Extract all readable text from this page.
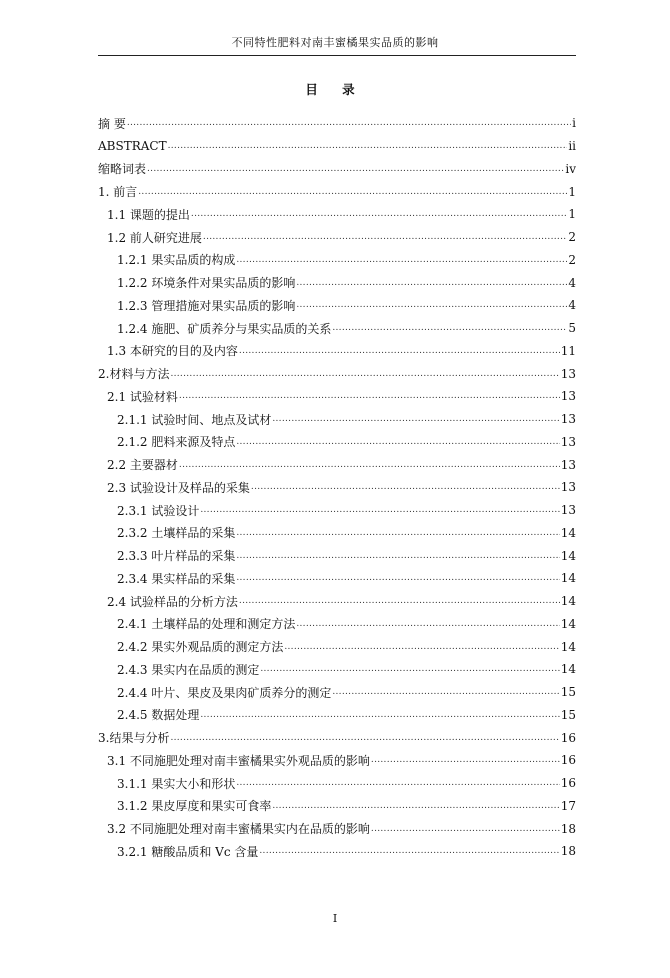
不同特性肥料对南丰蜜橘果实品质的影响
目 录
摘 要 .....	i
ABSTRACT .....	ii
缩略词表 .....	iv
1. 前言 .....	1
1.1 课题的提出 .....	1
1.2 前人研究进展 .....	2
1.2.1 果实品质的构成 .....	2
1.2.2 环境条件对果实品质的影响 .....	4
1.2.3 管理措施对果实品质的影响 .....	4
1.2.4 施肥、矿质养分与果实品质的关系 .....	5
1.3 本研究的目的及内容 .....	11
2.材料与方法 .....	13
2.1 试验材料 .....	13
2.1.1 试验时间、地点及试材 .....	13
2.1.2 肥料来源及特点 .....	13
2.2 主要器材 .....	13
2.3 试验设计及样品的采集 .....	13
2.3.1 试验设计 .....	13
2.3.2 土壤样品的采集 .....	14
2.3.3 叶片样品的采集 .....	14
2.3.4 果实样品的采集 .....	14
2.4 试验样品的分析方法 .....	14
2.4.1 土壤样品的处理和测定方法 .....	14
2.4.2 果实外观品质的测定方法 .....	14
2.4.3 果实内在品质的测定 .....	14
2.4.4 叶片、果皮及果肉矿质养分的测定 .....	15
2.4.5 数据处理 .....	15
3.结果与分析 .....	16
3.1 不同施肥处理对南丰蜜橘果实外观品质的影响 .....	16
3.1.1 果实大小和形状 .....	16
3.1.2 果皮厚度和果实可食率 .....	17
3.2 不同施肥处理对南丰蜜橘果实内在品质的影响 .....	18
3.2.1 糖酸品质和 Vc 含量 .....	18
I
